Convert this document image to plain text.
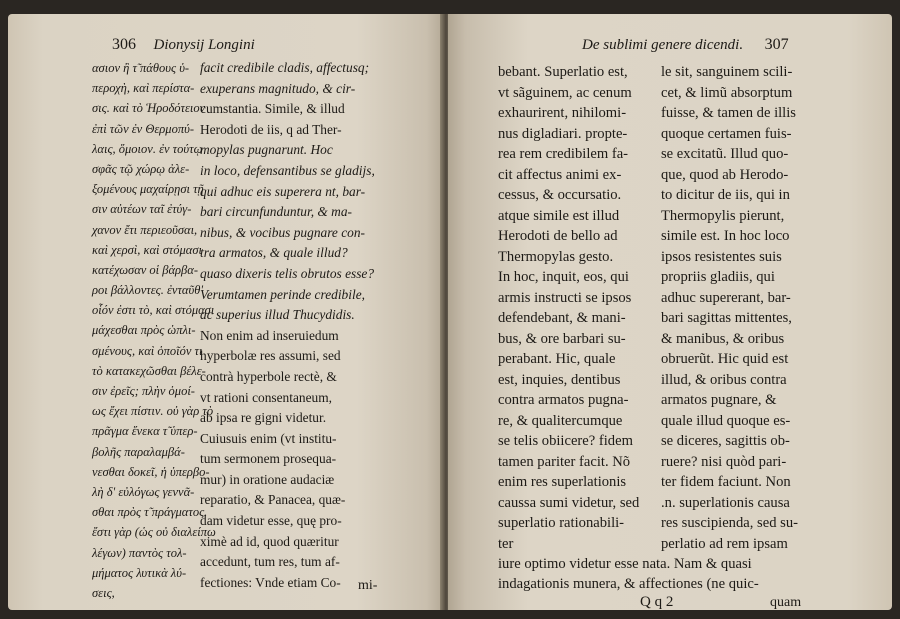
306 Dionysij Longini
ασιον ἢ τ̃ πάθους ὑ-
περοχὴ, καὶ περίστα-
σις. καὶ τὸ Ἡροδότειον
ἐπὶ τῶν ἐν Θερμοπύ-
λαις, ὅμοιον. ἐν τούτῳ
σφᾶς τῷ χώρῳ ἀλε-
ξομένους μαχαίρῃσι τῇ
σιν αὐτέων ταῖ ἐτύγ-
χανον ἔτι περιεοῦσαι,
καὶ χερσὶ, καὶ στόμασι
κατέχωσαν οἱ βάρβα-
ροι βάλλοντες. ἐνταῦθ'
οἷόν ἐστι τὸ, καὶ στόμασι
μάχεσθαι πρὸς ὡπλι-
σμένους, καὶ ὁποῖόν τι
τὸ κατακεχῶσθαι βέλε-
σιν ἐρεῖς; πλὴν ὁμοί-
ως ἔχει πίστιν. οὐ γὰρ τὸ
πρᾶγμα ἕνεκα τ̃ ὑπερ-
βολῆς παραλαμβά-
νεσθαι δοκεῖ, ἡ ὑπερβο-
λὴ δ' εὐλόγως γεννᾶ-
σθαι πρὸς τ̃ πράγματος.
ἔστι γὰρ (ὡς οὐ διαλείπω
λέγων) παντὸς τολ-
μήματος λυτικὰ λύ-
σεις,
facit credibile cladis, affectusq;
exuperans magnitudo, & cir-
cumstantia. Simile, & illud
Herodoti de iis, q ad Ther-
mopylas pugnarunt. Hoc
in loco, defensantibus se gladijs,
qui adhuc eis superera nt, bar-
bari circunfunduntur, & ma-
nibus, & vocibus pugnare con-
tra armatos, & quale illud?
quaso dixeris telis obrutos esse?
Verumtamen perinde credibile,
ac superius illud Thucydidis.
Non enim ad inseruiedum
hyperbolæ res assumi, sed
contrà hyperbole rectè, &
vt rationi consentaneum,
ab ipsa re gigni videtur.
Cuiusuis enim (vt institu-
tum sermonem prosequa-
mur) in oratione audaciæ
reparatio, & Panacea, quæ-
dam videtur esse, quę pro-
ximè ad id, quod quæritur
accedunt, tum res, tum af-
fectiones: Vnde etiam Co-	mi-
De sublimi genere dicendi. 307
bebant. Superlatio est,
vt sãguinem, ac cenum
exhaurirent, nihilomi-
nus digladiari. propte-
rea rem credibilem fa-
cit affectus animi ex-
cessus, & occursatio.
atque simile est illud
Herodoti de bello ad
Thermopylas gesto.
In hoc, inquit, eos, qui
armis instructi se ipsos
defendebant, & mani-
bus, & ore barbari su-
perabant. Hic, quale
est, inquies, dentibus
contra armatos pugna-
re, & qualitercumque
se telis obiicere? fidem
tamen pariter facit. Nõ
enim res superlationis
caussa sumi videtur, sed
superlatio rationabili-
ter
le sit, sanguinem scili-
cet, & limũ absorptum
fuisse, & tamen de illis
quoque certamen fuis-
se excitatũ. Illud quo-
que, quod ab Herodo-
to dicitur de iis, qui in
Thermopylis pierunt,
simile est. In hoc loco
ipsos resistentes suis
propriis gladiis, qui
adhuc supererant, bar-
bari sagittas mittentes,
& manibus, & oribus
obruerũt. Hic quid est
illud, & oribus contra
armatos pugnare, &
quale illud quoque es-
se diceres, sagittis ob-
ruere? nisi quòd pari-
ter fidem faciunt. Non
.n. superlationis causa
res suscipienda, sed su-
perlatio ad rem ipsam
iure optimo videtur esse nata. Nam & quasi
indagationis munera, & affectiones (ne quic-
Q q 2	quam
